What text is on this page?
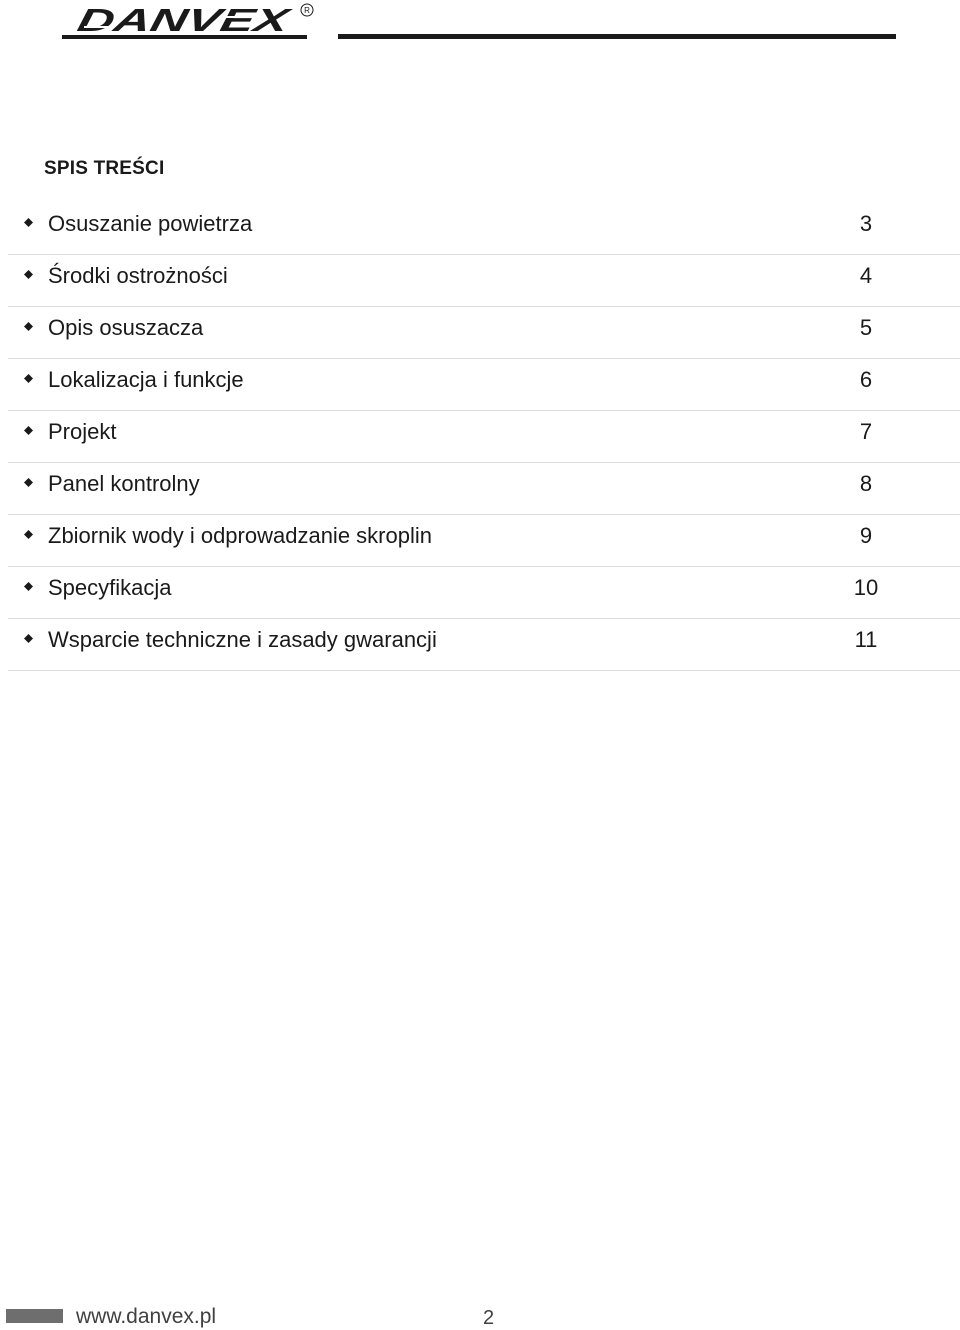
DANVEX	R
SPIS TREŚCI
Osuszanie powietrza	3
Środki ostrożności	4
Opis osuszacza	5
Lokalizacja i funkcje	6
Projekt	7
Panel kontrolny	8
Zbiornik wody i odprowadzanie skroplin	9
Specyfikacja	10
Wsparcie techniczne i zasady gwarancji	11
www.danvex.pl	2
